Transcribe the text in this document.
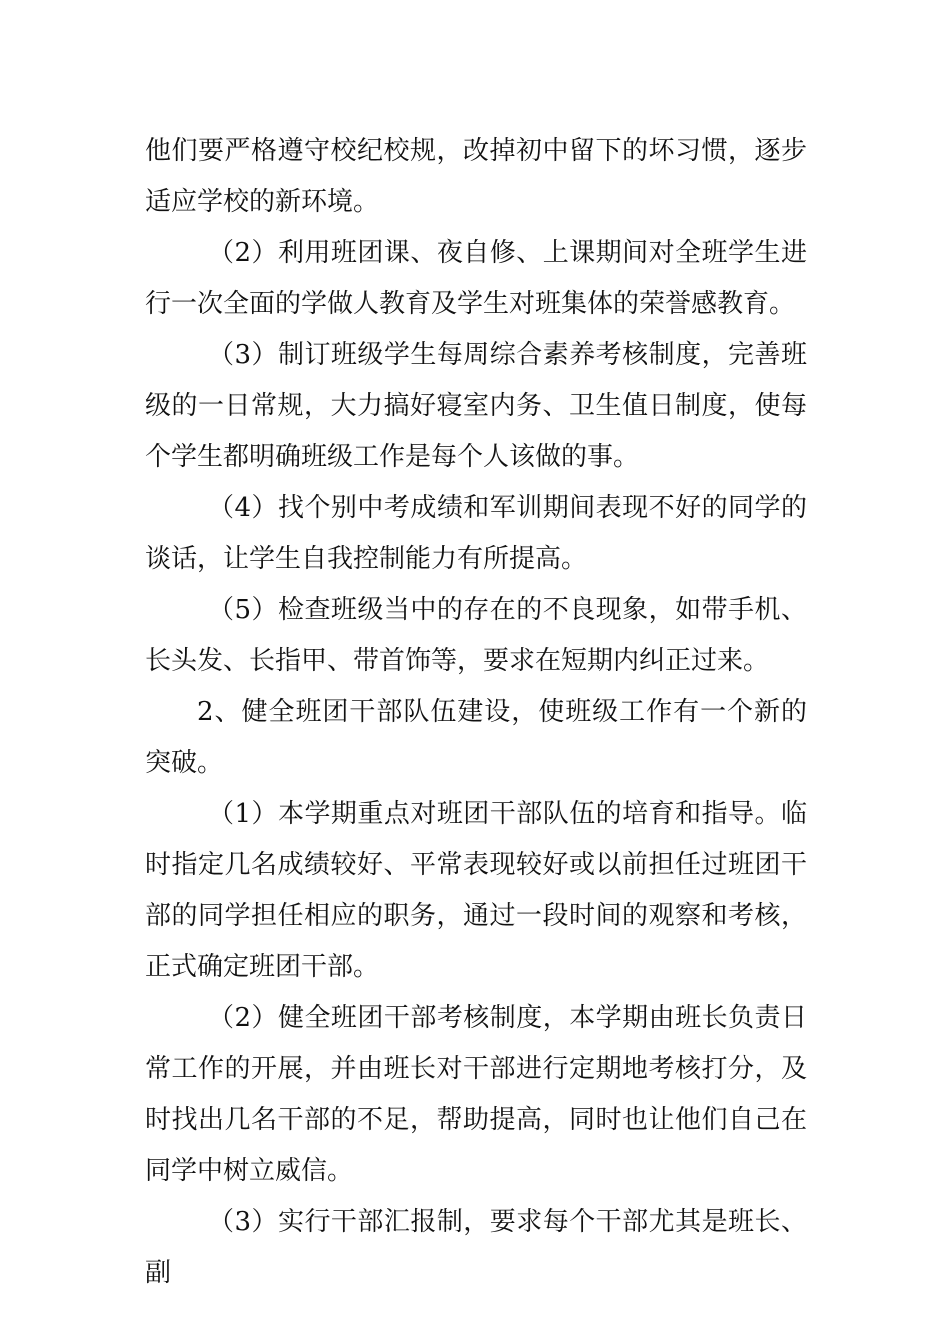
他们要严格遵守校纪校规，改掉初中留下的坏习惯，逐步适应学校的新环境。

（2）利用班团课、夜自修、上课期间对全班学生进行一次全面的学做人教育及学生对班集体的荣誉感教育。

（3）制订班级学生每周综合素养考核制度，完善班级的一日常规，大力搞好寝室内务、卫生值日制度，使每个学生都明确班级工作是每个人该做的事。

（4）找个别中考成绩和军训期间表现不好的同学的谈话，让学生自我控制能力有所提高。

（5）检查班级当中的存在的不良现象，如带手机、长头发、长指甲、带首饰等，要求在短期内纠正过来。

2、健全班团干部队伍建设，使班级工作有一个新的突破。

（1）本学期重点对班团干部队伍的培育和指导。临时指定几名成绩较好、平常表现较好或以前担任过班团干部的同学担任相应的职务，通过一段时间的观察和考核，正式确定班团干部。

（2）健全班团干部考核制度，本学期由班长负责日常工作的开展，并由班长对干部进行定期地考核打分，及时找出几名干部的不足，帮助提高，同时也让他们自己在同学中树立威信。

（3）实行干部汇报制，要求每个干部尤其是班长、副
